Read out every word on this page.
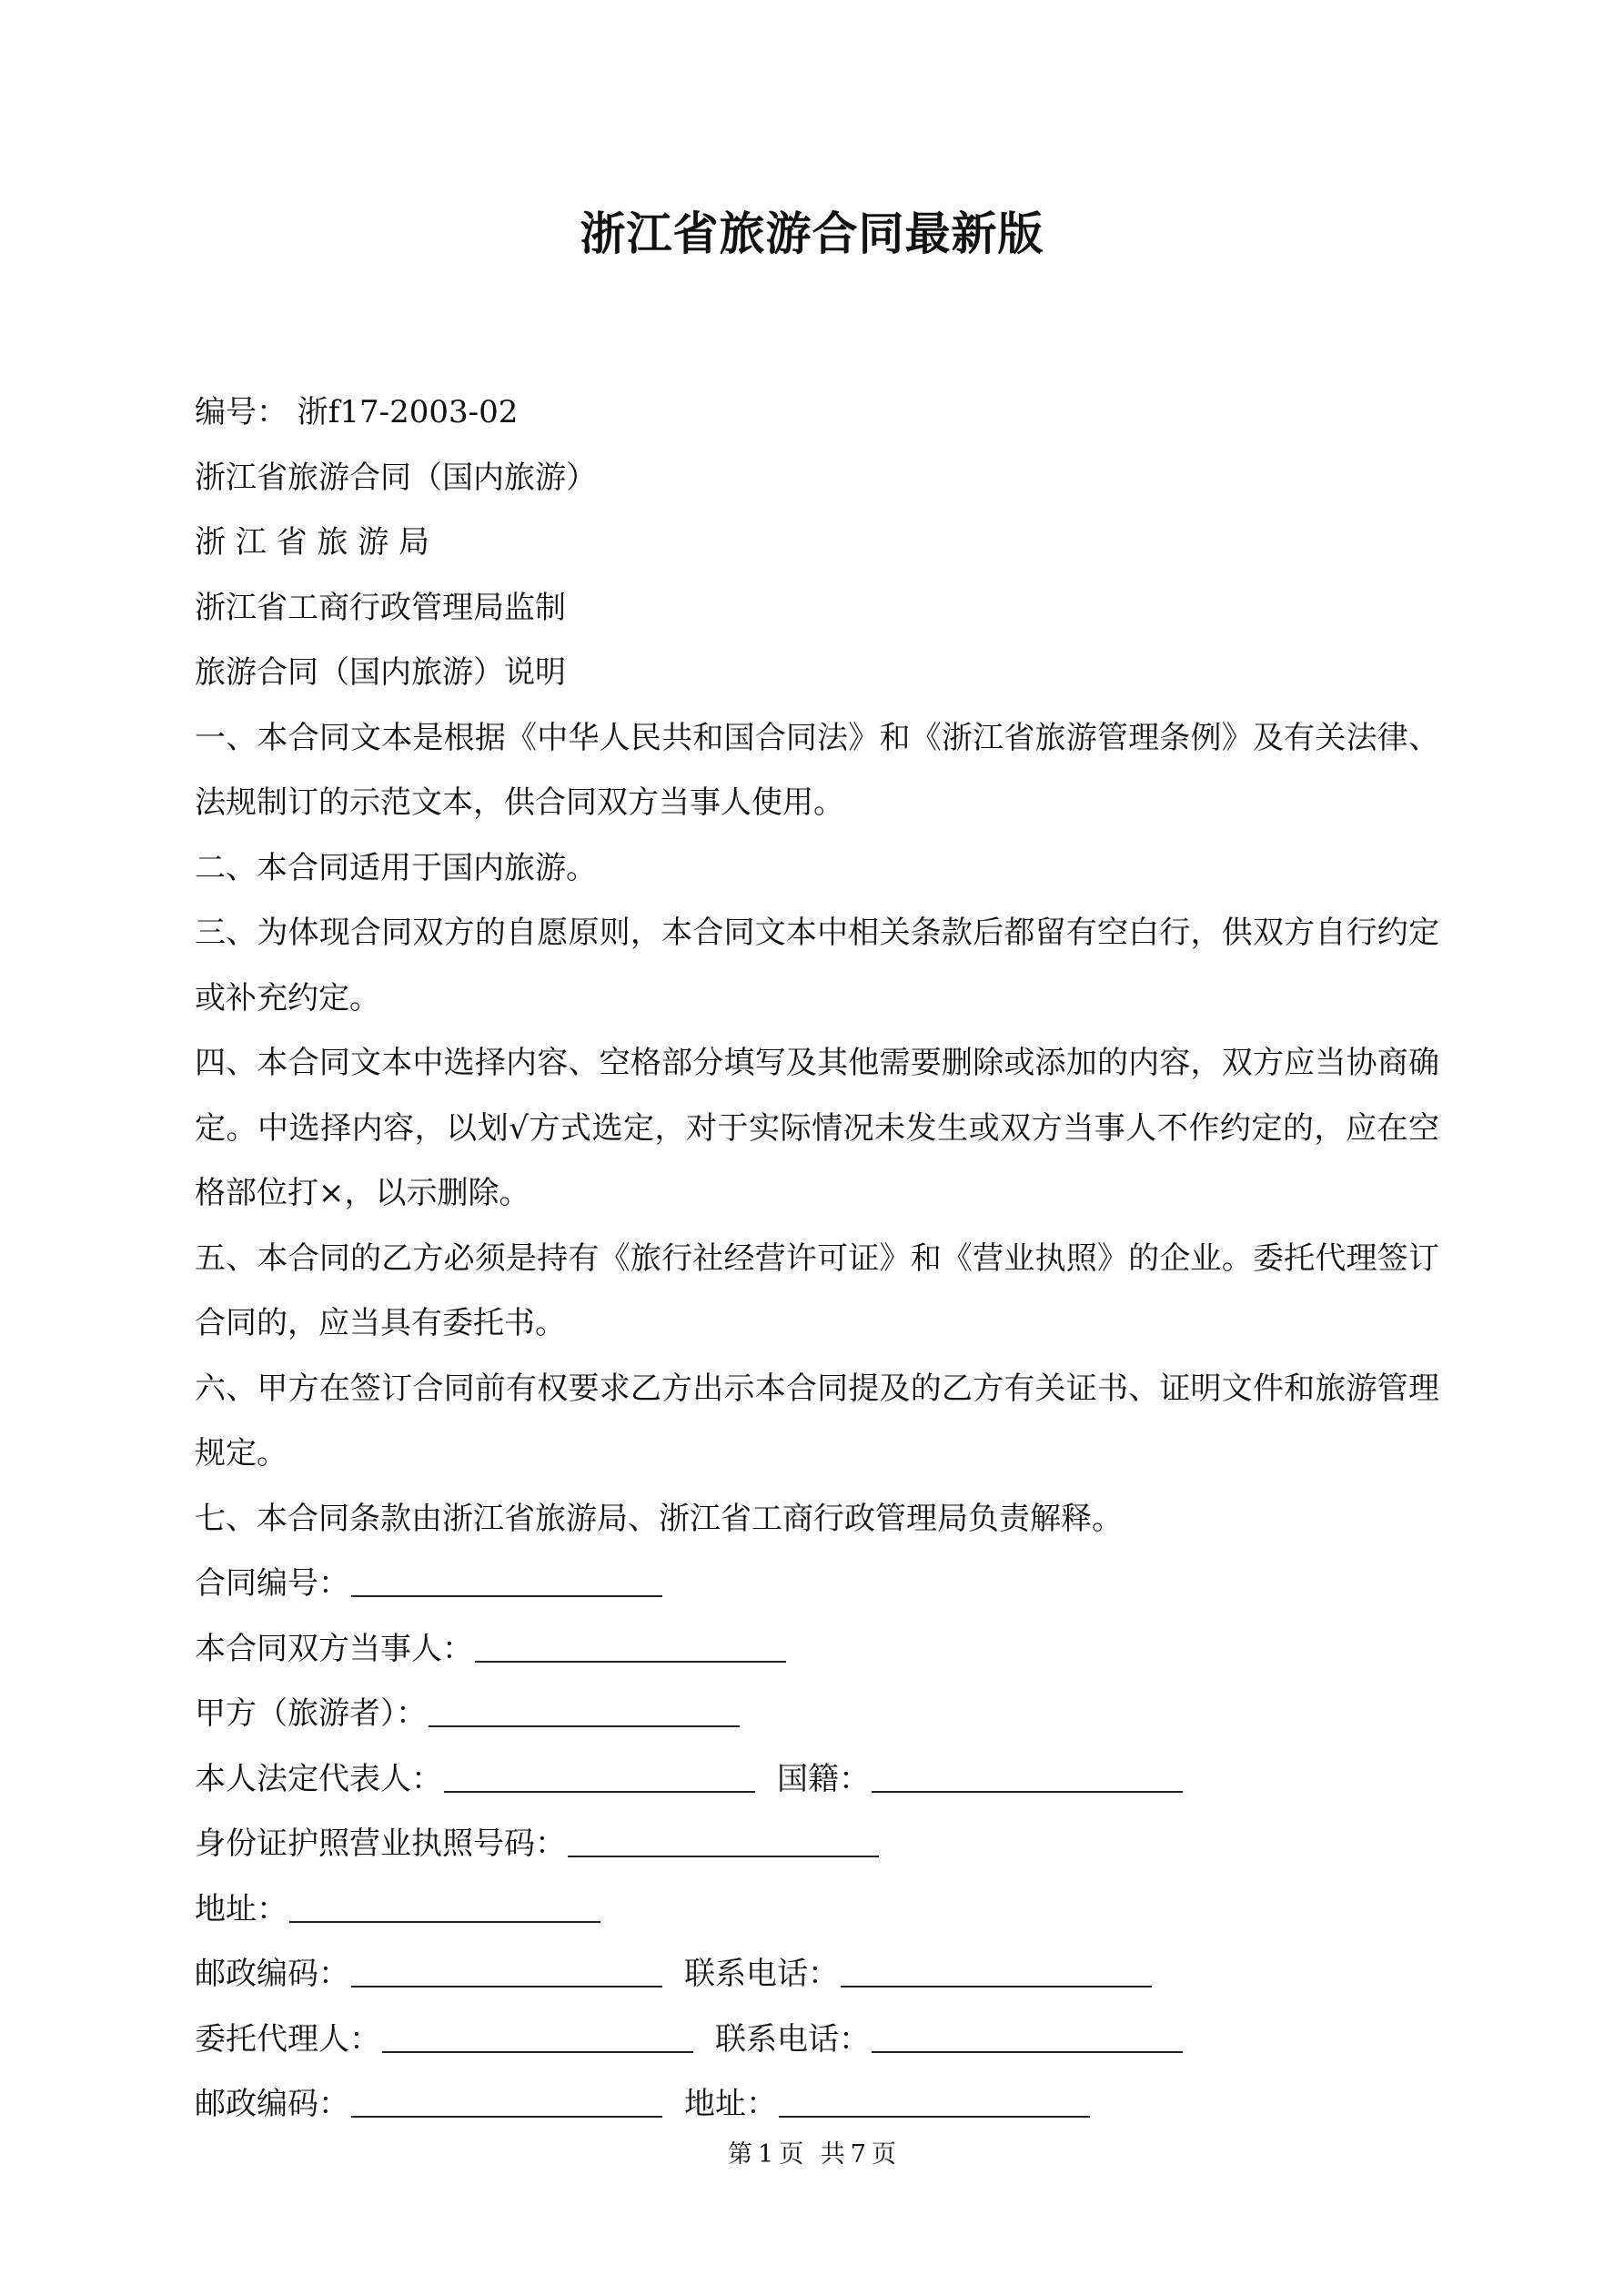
浙江省旅游合同最新版
编号： 浙f17-2003-02
浙江省旅游合同（国内旅游）
浙 江 省 旅 游 局
浙江省工商行政管理局监制
旅游合同（国内旅游）说明
一、本合同文本是根据《中华人民共和国合同法》和《浙江省旅游管理条例》及有关法律、法规制订的示范文本，供合同双方当事人使用。
二、本合同适用于国内旅游。
三、为体现合同双方的自愿原则，本合同文本中相关条款后都留有空白行，供双方自行约定或补充约定。
四、本合同文本中选择内容、空格部分填写及其他需要删除或添加的内容，双方应当协商确定。中选择内容，以划√方式选定，对于实际情况未发生或双方当事人不作约定的，应在空格部位打×，以示删除。
五、本合同的乙方必须是持有《旅行社经营许可证》和《营业执照》的企业。委托代理签订合同的，应当具有委托书。
六、甲方在签订合同前有权要求乙方出示本合同提及的乙方有关证书、证明文件和旅游管理规定。
七、本合同条款由浙江省旅游局、浙江省工商行政管理局负责解释。
合同编号：
本合同双方当事人：
甲方（旅游者）：
本人法定代表人：	国籍：
身份证护照营业执照号码：
地址：
邮政编码：	联系电话：
委托代理人：	联系电话：
邮政编码：	地址：
第 1 页 共 7 页
